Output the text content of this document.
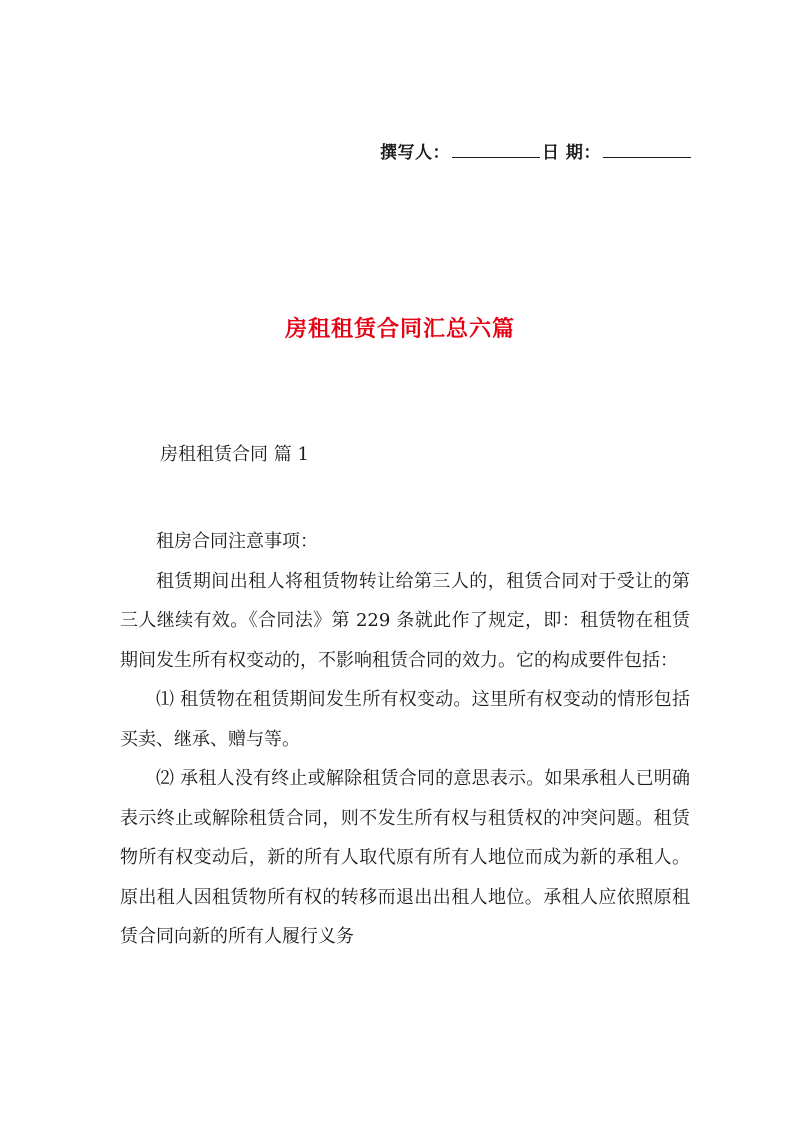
撰写人：	日 期：
房租租赁合同汇总六篇
房租租赁合同 篇 1

租房合同注意事项：

租赁期间出租人将租赁物转让给第三人的，租赁合同对于受让的第三人继续有效。《合同法》第 229 条就此作了规定，即：租赁物在租赁期间发生所有权变动的，不影响租赁合同的效力。它的构成要件包括：

⑴ 租赁物在租赁期间发生所有权变动。这里所有权变动的情形包括买卖、继承、赠与等。

⑵ 承租人没有终止或解除租赁合同的意思表示。如果承租人已明确表示终止或解除租赁合同，则不发生所有权与租赁权的冲突问题。租赁物所有权变动后，新的所有人取代原有所有人地位而成为新的承租人。原出租人因租赁物所有权的转移而退出出租人地位。承租人应依照原租赁合同向新的所有人履行义务
